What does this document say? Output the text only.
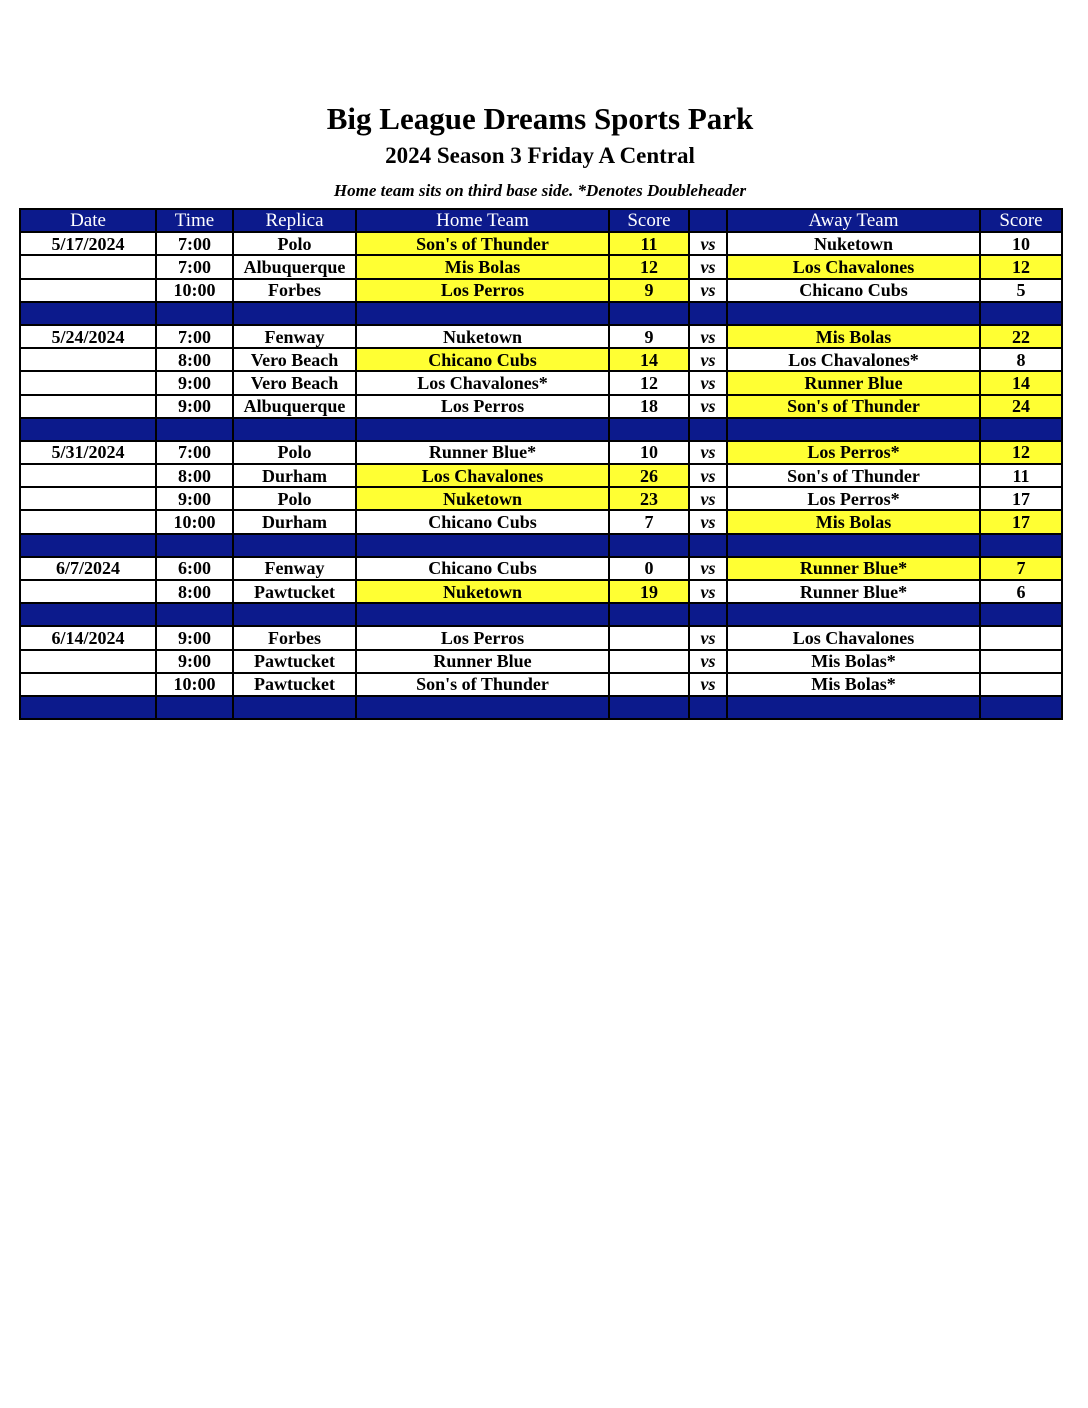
Big League Dreams Sports Park
2024 Season 3 Friday A Central
Home team sits on third base side. *Denotes Doubleheader
Date	Time	Replica	Home Team	Score		Away Team	Score
5/17/2024	7:00	Polo	Son's of Thunder	11	vs	Nuketown	10
	7:00	Albuquerque	Mis Bolas	12	vs	Los Chavalones	12
	10:00	Forbes	Los Perros	9	vs	Chicano Cubs	5

5/24/2024	7:00	Fenway	Nuketown	9	vs	Mis Bolas	22
	8:00	Vero Beach	Chicano Cubs	14	vs	Los Chavalones*	8
	9:00	Vero Beach	Los Chavalones*	12	vs	Runner Blue	14
	9:00	Albuquerque	Los Perros	18	vs	Son's of Thunder	24

5/31/2024	7:00	Polo	Runner Blue*	10	vs	Los Perros*	12
	8:00	Durham	Los Chavalones	26	vs	Son's of Thunder	11
	9:00	Polo	Nuketown	23	vs	Los Perros*	17
	10:00	Durham	Chicano Cubs	7	vs	Mis Bolas	17

6/7/2024	6:00	Fenway	Chicano Cubs	0	vs	Runner Blue*	7
	8:00	Pawtucket	Nuketown	19	vs	Runner Blue*	6

6/14/2024	9:00	Forbes	Los Perros		vs	Los Chavalones	
	9:00	Pawtucket	Runner Blue		vs	Mis Bolas*	
	10:00	Pawtucket	Son's of Thunder		vs	Mis Bolas*	
